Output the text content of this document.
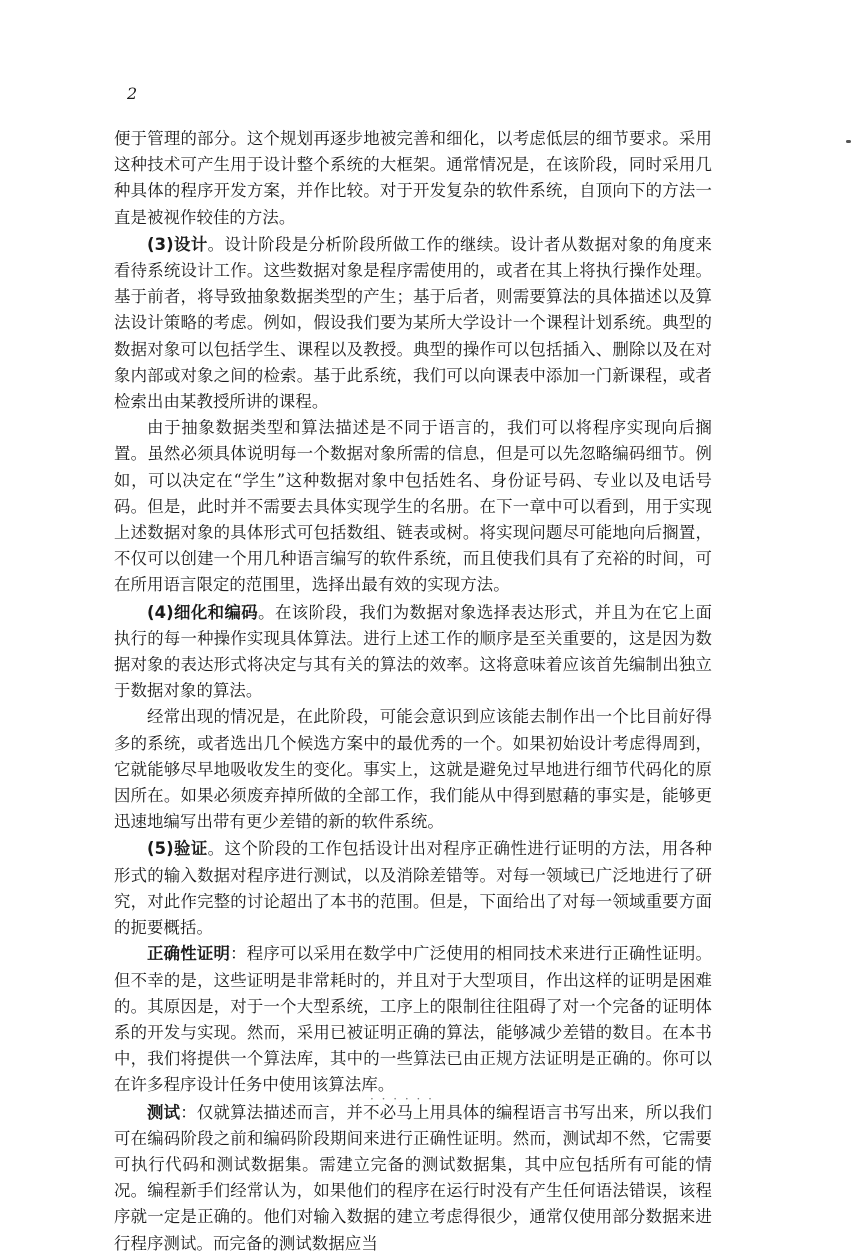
2

便于管理的部分。这个规划再逐步地被完善和细化，以考虑低层的细节要求。采用这种技术可产生用于设计整个系统的大框架。通常情况是，在该阶段，同时采用几种具体的程序开发方案，并作比较。对于开发复杂的软件系统，自顶向下的方法一直是被视作较佳的方法。

(3)设计。设计阶段是分析阶段所做工作的继续。设计者从数据对象的角度来看待系统设计工作。这些数据对象是程序需使用的，或者在其上将执行操作处理。基于前者，将导致抽象数据类型的产生；基于后者，则需要算法的具体描述以及算法设计策略的考虑。例如，假设我们要为某所大学设计一个课程计划系统。典型的数据对象可以包括学生、课程以及教授。典型的操作可以包括插入、删除以及在对象内部或对象之间的检索。基于此系统，我们可以向课表中添加一门新课程，或者检索出由某教授所讲的课程。

由于抽象数据类型和算法描述是不同于语言的，我们可以将程序实现向后搁置。虽然必须具体说明每一个数据对象所需的信息，但是可以先忽略编码细节。例如，可以决定在“学生”这种数据对象中包括姓名、身份证号码、专业以及电话号码。但是，此时并不需要去具体实现学生的名册。在下一章中可以看到，用于实现上述数据对象的具体形式可包括数组、链表或树。将实现问题尽可能地向后搁置，不仅可以创建一个用几种语言编写的软件系统，而且使我们具有了充裕的时间，可在所用语言限定的范围里，选择出最有效的实现方法。

(4)细化和编码。在该阶段，我们为数据对象选择表达形式，并且为在它上面执行的每一种操作实现具体算法。进行上述工作的顺序是至关重要的，这是因为数据对象的表达形式将决定与其有关的算法的效率。这将意味着应该首先编制出独立于数据对象的算法。

经常出现的情况是，在此阶段，可能会意识到应该能去制作出一个比目前好得多的系统，或者选出几个候选方案中的最优秀的一个。如果初始设计考虑得周到，它就能够尽早地吸收发生的变化。事实上，这就是避免过早地进行细节代码化的原因所在。如果必须废弃掉所做的全部工作，我们能从中得到慰藉的事实是，能够更迅速地编写出带有更少差错的新的软件系统。

(5)验证。这个阶段的工作包括设计出对程序正确性进行证明的方法，用各种形式的输入数据对程序进行测试，以及消除差错等。对每一领域已广泛地进行了研究，对此作完整的讨论超出了本书的范围。但是，下面给出了对每一领域重要方面的扼要概括。

正确性证明：程序可以采用在数学中广泛使用的相同技术来进行正确性证明。但不幸的是，这些证明是非常耗时的，并且对于大型项目，作出这样的证明是困难的。其原因是，对于一个大型系统，工序上的限制往往阻碍了对一个完备的证明体系的开发与实现。然而，采用已被证明正确的算法，能够减少差错的数目。在本书中，我们将提供一个算法库，其中的一些算法已由正规方法证明是正确的。你可以在许多程序设计任务中使用该算法库。

测试：仅就算法描述而言，并不必马上用具体的编程语言书写出来，所以我们可在编码阶段之前和编码阶段期间来进行正确性证明。然而，测试却不然，它需要可执行代码和测试数据集。需建立完备的测试数据集，其中应包括所有可能的情况。编程新手们经常认为，如果他们的程序在运行时没有产生任何语法错误，该程序就一定是正确的。他们对输入数据的建立考虑得很少，通常仅使用部分数据来进行程序测试。而完备的测试数据应当

· · · · · ·
